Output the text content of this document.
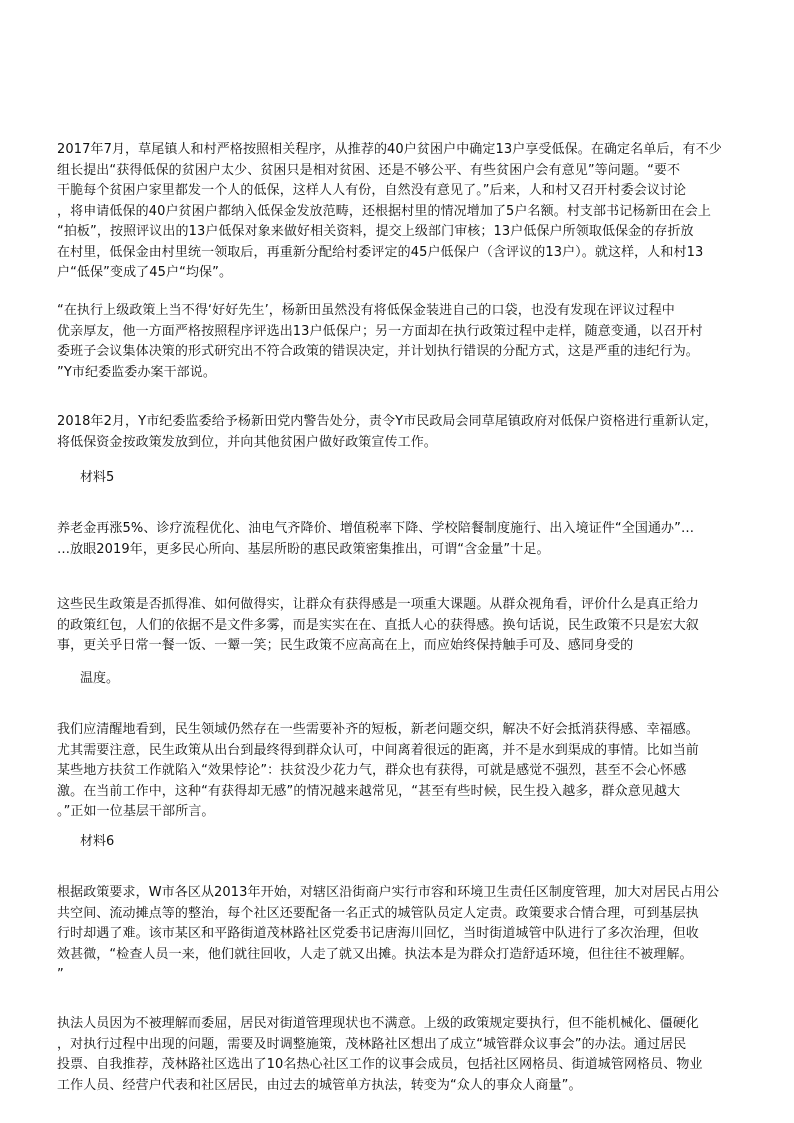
2017年7月，草尾镇人和村严格按照相关程序，从推荐的40户贫困户中确定13户享受低保。在确定名单后，有不少
组长提出“获得低保的贫困户太少、贫困只是相对贫困、还是不够公平、有些贫困户会有意见”等问题。“要不
干脆每个贫困户家里都发一个人的低保，这样人人有份，自然没有意见了。”后来，人和村又召开村委会议讨论
，将申请低保的40户贫困户都纳入低保金发放范畴，还根据村里的情况增加了5户名额。村支部书记杨新田在会上
“拍板”，按照评议出的13户低保对象来做好相关资料，提交上级部门审核；13户低保户所领取低保金的存折放
在村里，低保金由村里统一领取后，再重新分配给村委评定的45户低保户（含评议的13户）。就这样，人和村13
户“低保”变成了45户“均保”。
“在执行上级政策上当不得‘好好先生’，杨新田虽然没有将低保金装进自己的口袋，也没有发现在评议过程中
优亲厚友，他一方面严格按照程序评选出13户低保户；另一方面却在执行政策过程中走样，随意变通，以召开村
委班子会议集体决策的形式研究出不符合政策的错误决定，并计划执行错误的分配方式，这是严重的违纪行为。
”Y市纪委监委办案干部说。
2018年2月，Y市纪委监委给予杨新田党内警告处分，责令Y市民政局会同草尾镇政府对低保户资格进行重新认定，
将低保资金按政策发放到位，并向其他贫困户做好政策宣传工作。
材料5
养老金再涨5%、诊疗流程优化、油电气齐降价、增值税率下降、学校陪餐制度施行、出入境证件“全国通办”…
…放眼2019年，更多民心所向、基层所盼的惠民政策密集推出，可谓“含金量”十足。
这些民生政策是否抓得准、如何做得实，让群众有获得感是一项重大课题。从群众视角看，评价什么是真正给力
的政策红包，人们的依据不是文件多雾，而是实实在在、直抵人心的获得感。换句话说，民生政策不只是宏大叙
事，更关乎日常一餐一饭、一颦一笑；民生政策不应高高在上，而应始终保持触手可及、感同身受的
温度。
我们应清醒地看到，民生领域仍然存在一些需要补齐的短板，新老问题交织，解决不好会抵消获得感、幸福感。
尤其需要注意，民生政策从出台到最终得到群众认可，中间离着很远的距离，并不是水到渠成的事情。比如当前
某些地方扶贫工作就陷入“效果悖论”：扶贫没少花力气，群众也有获得，可就是感觉不强烈，甚至不会心怀感
激。在当前工作中，这种“有获得却无感”的情况越来越常见，“甚至有些时候，民生投入越多，群众意见越大
。”正如一位基层干部所言。
材料6
根据政策要求，W市各区从2013年开始，对辖区沿街商户实行市容和环境卫生责任区制度管理，加大对居民占用公
共空间、流动摊点等的整治，每个社区还要配备一名正式的城管队员定人定责。政策要求合情合理，可到基层执
行时却遇了难。该市某区和平路街道茂林路社区党委书记唐海川回忆，当时街道城管中队进行了多次治理，但收
效甚微，“检查人员一来，他们就往回收，人走了就又出摊。执法本是为群众打造舒适环境，但往往不被理解。
”
执法人员因为不被理解而委屈，居民对街道管理现状也不满意。上级的政策规定要执行，但不能机械化、僵硬化
，对执行过程中出现的问题，需要及时调整施策，茂林路社区想出了成立“城管群众议事会”的办法。通过居民
投票、自我推荐，茂林路社区选出了10名热心社区工作的议事会成员，包括社区网格员、街道城管网格员、物业
工作人员、经营户代表和社区居民，由过去的城管单方执法，转变为“众人的事众人商量”。
